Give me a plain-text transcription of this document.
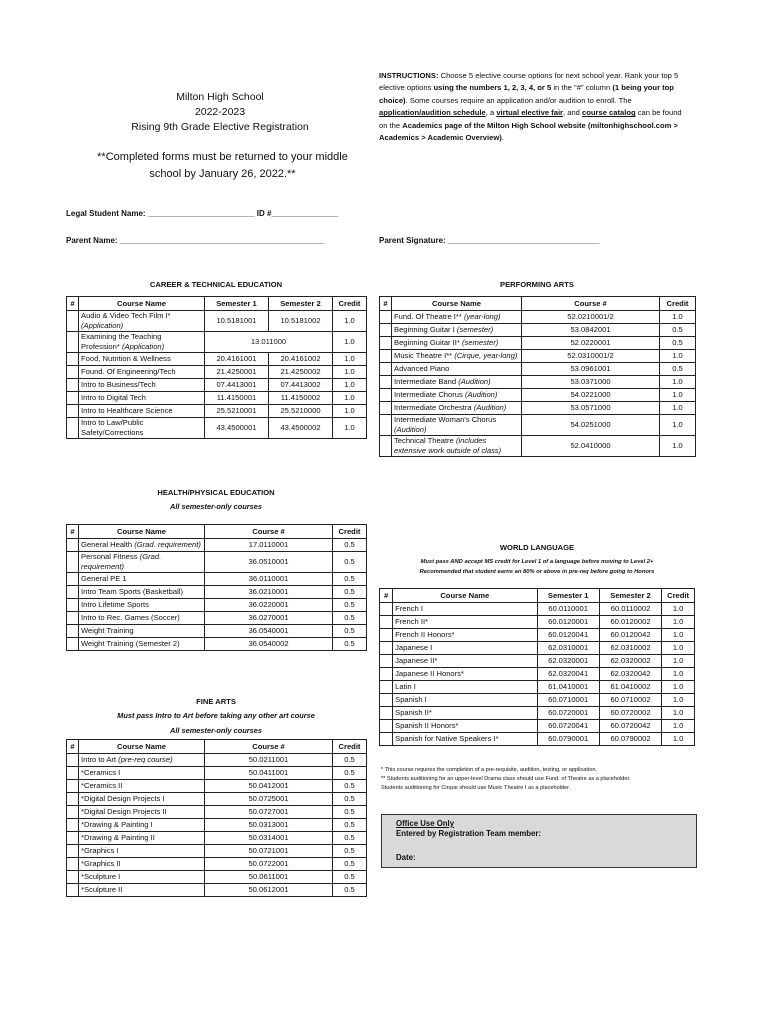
Milton High School
2022-2023
Rising 9th Grade Elective Registration
**Completed forms must be returned to your middle school by January 26, 2022.**
INSTRUCTIONS: Choose 5 elective course options for next school year. Rank your top 5 elective options using the numbers 1, 2, 3, 4, or 5 in the "#" column (1 being your top choice). Some courses require an application and/or audition to enroll. The application/audition schedule, a virtual elective fair, and course catalog can be found on the Academics page of the Milton High School website (miltonhighschool.com > Academics > Academic Overview).
Legal Student Name: ________________________ ID #_______________
Parent Name: ______________________________________________	Parent Signature: __________________________________
CAREER & TECHNICAL EDUCATION
#	Course Name	Semester 1	Semester 2	Credit
	Audio & Video Tech Film I* (Application)	10.5181001	10.5181002	1.0
	Examining the Teaching Profession* (Application)	13.011000		1.0
	Food, Nutrition & Wellness	20.4161001	20.4161002	1.0
	Found. Of Engineering/Tech	21.4250001	21.4250002	1.0
	Intro to Business/Tech	07.4413001	07.4413002	1.0
	Intro to Digital Tech	11.4150001	11.4150002	1.0
	Intro to Healthcare Science	25.5210001	25.5210000	1.0
	Intro to Law/Public Safety/Corrections	43.4500001	43.4500002	1.0
HEALTH/PHYSICAL EDUCATION
All semester-only courses
#	Course Name	Course #	Credit
	General Health (Grad. requirement)	17.0110001	0.5
	Personal Fitness (Grad. requirement)	36.0510001	0.5
	General PE 1	36.0110001	0.5
	Intro Team Sports (Basketball)	36.0210001	0.5
	Intro Lifetime Sports	36.0220001	0.5
	Intro to Rec. Games (Soccer)	36.0270001	0.5
	Weight Training	36.0540001	0.5
	Weight Training (Semester 2)	36.0540002	0.5
FINE ARTS
Must pass Intro to Art before taking any other art course
All semester-only courses
#	Course Name	Course #	Credit
	Intro to Art (pre-req course)	50.0211001	0.5
	*Ceramics I	50.0411001	0.5
	*Ceramics II	50.0412001	0.5
	*Digital Design Projects I	50.0725001	0.5
	*Digital Design Projects II	50.0727001	0.5
	*Drawing & Painting I	50.0313001	0.5
	*Drawing & Painting II	50.0314001	0.5
	*Graphics I	50.0721001	0.5
	*Graphics II	50.0722001	0.5
	*Sculpture I	50.0611001	0.5
	*Sculpture II	50.0612001	0.5
PERFORMING ARTS
#	Course Name	Course #	Credit
	Fund. Of Theatre I** (year-long)	52.0210001/2	1.0
	Beginning Guitar I (semester)	53.0842001	0.5
	Beginning Guitar II* (semester)	52.0220001	0.5
	Music Theatre I** (Cirque, year-long)	52.0310001/2	1.0
	Advanced Piano	53.0961001	0.5
	Intermediate Band (Audition)	53.0371000	1.0
	Intermediate Chorus (Audition)	54.0221000	1.0
	Intermediate Orchestra (Audition)	53.0571000	1.0
	Intermediate Woman's Chorus (Audition)	54.0251000	1.0
	Technical Theatre (includes extensive work outside of class)	52.0410000	1.0
WORLD LANGUAGE
Must pass AND accept MS credit for Level 1 of a language before moving to Level 2+
Recommended that student earns an 80% or above in pre-req before going to Honors
#	Course Name	Semester 1	Semester 2	Credit
	French I	60.0110001	60.0110002	1.0
	French II*	60.0120001	60.0120002	1.0
	French II Honors*	60.0120041	60.0120042	1.0
	Japanese I	62.0310001	62.0310002	1.0
	Japanese II*	62.0320001	62.0320002	1.0
	Japanese II Honors*	62.0320041	62.0320042	1.0
	Latin I	61.0410001	61.0410002	1.0
	Spanish I	60.0710001	60.0710002	1.0
	Spanish II*	60.0720001	60.0720002	1.0
	Spanish II Honors*	60.0720041	60.0720042	1.0
	Spanish for Native Speakers I*	60.0790001	60.0790002	1.0
* This course requires the completion of a pre-requisite, audition, testing, or application.
** Students auditioning for an upper-level Drama class should use Fund. of Theatre as a placeholder.
Students auditioning for Cirque should use Music Theatre I as a placeholder.
Office Use Only
Entered by Registration Team member:
Date:
